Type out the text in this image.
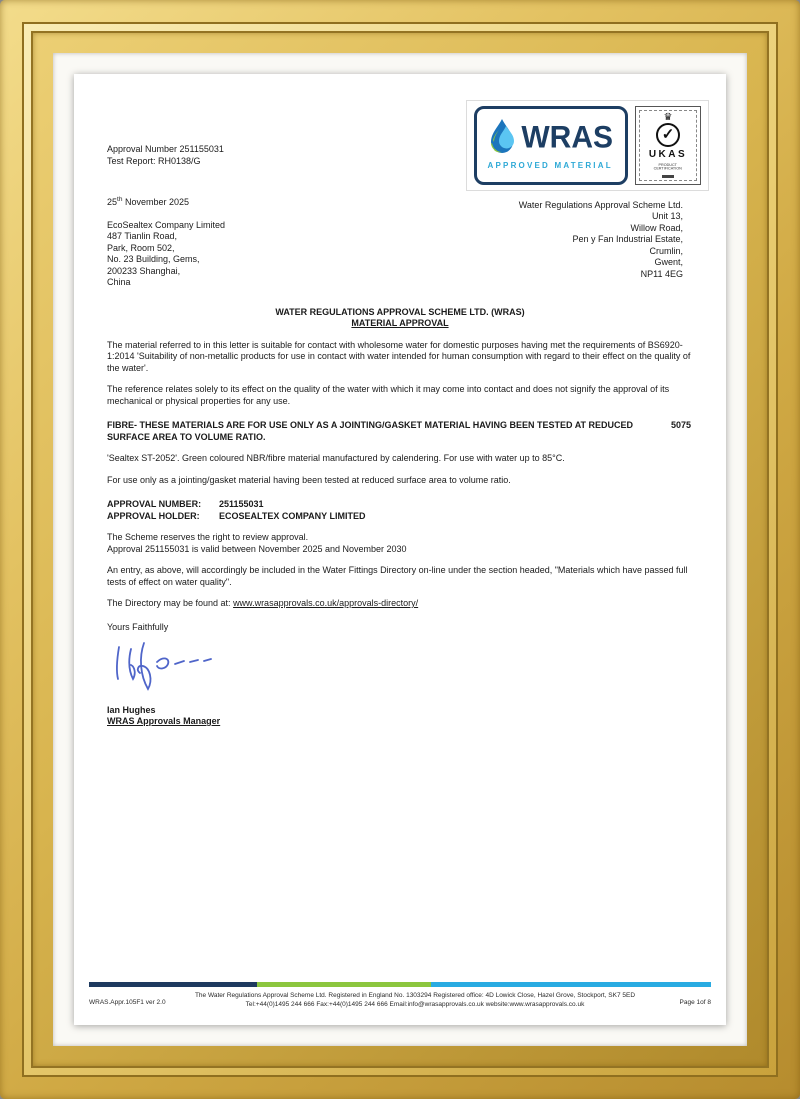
Approval Number 251155031
Test Report: RH0138/G
25th November 2025
EcoSealtex Company Limited
487 Tianlin Road,
Park, Room 502,
No. 23 Building, Gems,
200233 Shanghai,
China
WRAS
APPROVED MATERIAL
♛
✓
UKAS
PRODUCT
CERTIFICATION
Water Regulations Approval Scheme Ltd.
Unit 13,
Willow Road,
Pen y Fan Industrial Estate,
Crumlin,
Gwent,
NP11 4EG
WATER REGULATIONS APPROVAL SCHEME LTD. (WRAS)
MATERIAL APPROVAL
The material referred to in this letter is suitable for contact with wholesome water for domestic purposes having met the requirements of BS6920-1:2014 'Suitability of non-metallic products for use in contact with water intended for human consumption with regard to their effect on the quality of the water'.
The reference relates solely to its effect on the quality of the water with which it may come into contact and does not signify the approval of its mechanical or physical properties for any use.
FIBRE- THESE MATERIALS ARE FOR USE ONLY AS A JOINTING/GASKET MATERIAL HAVING BEEN TESTED AT REDUCED SURFACE AREA TO VOLUME RATIO.
5075
'Sealtex ST-2052'. Green coloured NBR/fibre material manufactured by calendering. For use with water up to 85°C.
For use only as a jointing/gasket material having been tested at reduced surface area to volume ratio.
APPROVAL NUMBER:	251155031
APPROVAL HOLDER:	ECOSEALTEX COMPANY LIMITED
The Scheme reserves the right to review approval.
Approval 251155031 is valid between November 2025 and November 2030
An entry, as above, will accordingly be included in the Water Fittings Directory on-line under the section headed, "Materials which have passed full tests of effect on water quality".
The Directory may be found at: www.wrasapprovals.co.uk/approvals-directory/
Yours Faithfully
Ian Hughes
WRAS Approvals Manager
WRAS.Appr.105F1 ver 2.0
The Water Regulations Approval Scheme Ltd. Registered in England No. 1303294 Registered office: 4D Lowick Close, Hazel Grove, Stockport, SK7 5ED
Tel:+44(0)1495 244 666 Fax:+44(0)1495 244 666 Email:info@wrasapprovals.co.uk website:www.wrasapprovals.co.uk	Page 1of 8
